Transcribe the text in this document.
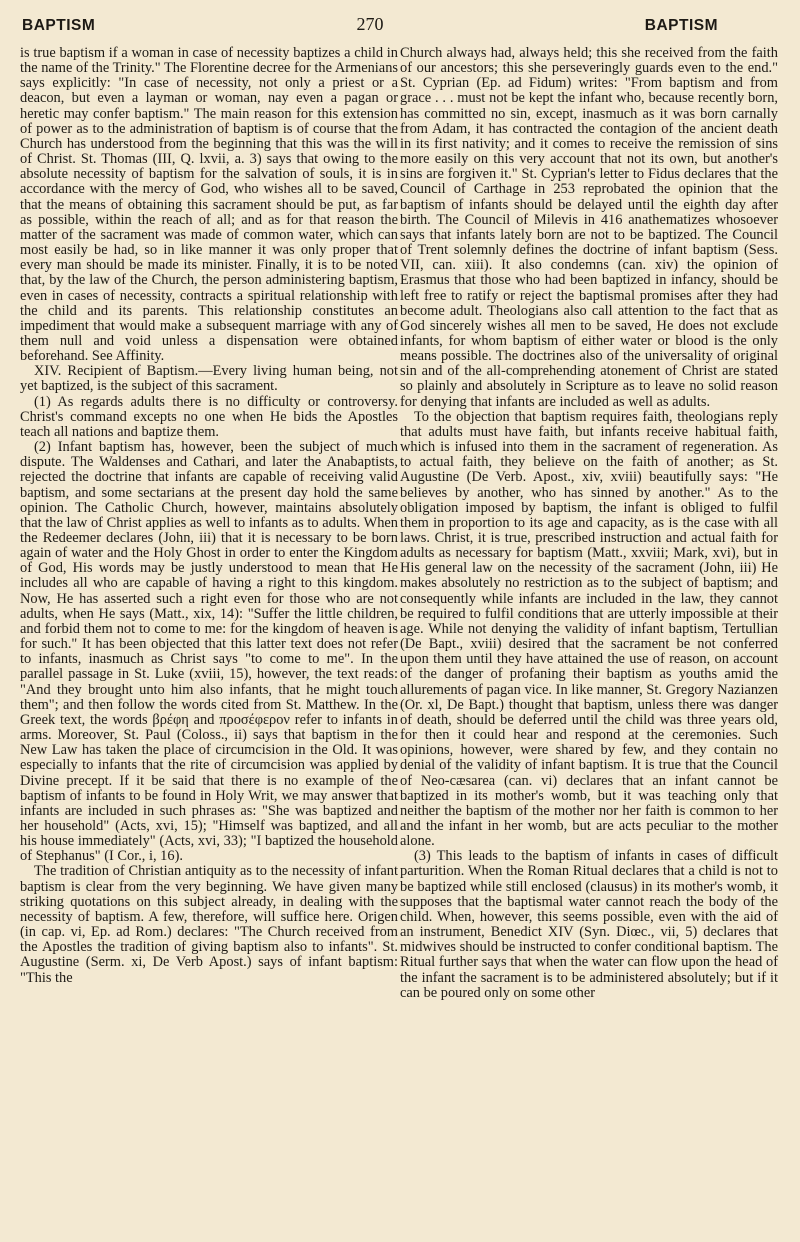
BAPTISM	270	BAPTISM

is true baptism if a woman in case of necessity baptizes a child in the name of the Trinity." The Florentine decree for the Armenians says explicitly: "In case of necessity, not only a priest or a deacon, but even a layman or woman, nay even a pagan or heretic may confer baptism." The main reason for this extension of power as to the administration of baptism is of course that the Church has understood from the beginning that this was the will of Christ. St. Thomas (III, Q. lxvii, a. 3) says that owing to the absolute necessity of baptism for the salvation of souls, it is in accordance with the mercy of God, who wishes all to be saved, that the means of obtaining this sacrament should be put, as far as possible, within the reach of all; and as for that reason the matter of the sacrament was made of common water, which can most easily be had, so in like manner it was only proper that every man should be made its minister. Finally, it is to be noted that, by the law of the Church, the person administering baptism, even in cases of necessity, contracts a spiritual relationship with the child and its parents. This relationship constitutes an impediment that would make a subsequent marriage with any of them null and void unless a dispensation were obtained beforehand. See Affinity.

XIV. Recipient of Baptism.—Every living human being, not yet baptized, is the subject of this sacrament.

(1) As regards adults there is no difficulty or controversy. Christ's command excepts no one when He bids the Apostles teach all nations and baptize them.

(2) Infant baptism has, however, been the subject of much dispute. The Waldenses and Cathari, and later the Anabaptists, rejected the doctrine that infants are capable of receiving valid baptism, and some sectarians at the present day hold the same opinion. The Catholic Church, however, maintains absolutely that the law of Christ applies as well to infants as to adults. When the Redeemer declares (John, iii) that it is necessary to be born again of water and the Holy Ghost in order to enter the Kingdom of God, His words may be justly understood to mean that He includes all who are capable of having a right to this kingdom. Now, He has asserted such a right even for those who are not adults, when He says (Matt., xix, 14): "Suffer the little children, and forbid them not to come to me: for the kingdom of heaven is for such." It has been objected that this latter text does not refer to infants, inasmuch as Christ says "to come to me". In the parallel passage in St. Luke (xviii, 15), however, the text reads: "And they brought unto him also infants, that he might touch them"; and then follow the words cited from St. Matthew. In the Greek text, the words βρέφη and προσέφερον refer to infants in arms. Moreover, St. Paul (Coloss., ii) says that baptism in the New Law has taken the place of circumcision in the Old. It was especially to infants that the rite of circumcision was applied by Divine precept. If it be said that there is no example of the baptism of infants to be found in Holy Writ, we may answer that infants are included in such phrases as: "She was baptized and her household" (Acts, xvi, 15); "Himself was baptized, and all his house immediately" (Acts, xvi, 33); "I baptized the household of Stephanus" (I Cor., i, 16).

The tradition of Christian antiquity as to the necessity of infant baptism is clear from the very beginning. We have given many striking quotations on this subject already, in dealing with the necessity of baptism. A few, therefore, will suffice here. Origen (in cap. vi, Ep. ad Rom.) declares: "The Church received from the Apostles the tradition of giving baptism also to infants". St. Augustine (Serm. xi, De Verb Apost.) says of infant baptism: "This the

Church always had, always held; this she received from the faith of our ancestors; this she perseveringly guards even to the end." St. Cyprian (Ep. ad Fidum) writes: "From baptism and from grace . . . must not be kept the infant who, because recently born, has committed no sin, except, inasmuch as it was born carnally from Adam, it has contracted the contagion of the ancient death in its first nativity; and it comes to receive the remission of sins more easily on this very account that not its own, but another's sins are forgiven it." St. Cyprian's letter to Fidus declares that the Council of Carthage in 253 reprobated the opinion that the baptism of infants should be delayed until the eighth day after birth. The Council of Milevis in 416 anathematizes whosoever says that infants lately born are not to be baptized. The Council of Trent solemnly defines the doctrine of infant baptism (Sess. VII, can. xiii). It also condemns (can. xiv) the opinion of Erasmus that those who had been baptized in infancy, should be left free to ratify or reject the baptismal promises after they had become adult. Theologians also call attention to the fact that as God sincerely wishes all men to be saved, He does not exclude infants, for whom baptism of either water or blood is the only means possible. The doctrines also of the universality of original sin and of the all-comprehending atonement of Christ are stated so plainly and absolutely in Scripture as to leave no solid reason for denying that infants are included as well as adults.

To the objection that baptism requires faith, theologians reply that adults must have faith, but infants receive habitual faith, which is infused into them in the sacrament of regeneration. As to actual faith, they believe on the faith of another; as St. Augustine (De Verb. Apost., xiv, xviii) beautifully says: "He believes by another, who has sinned by another." As to the obligation imposed by baptism, the infant is obliged to fulfil them in proportion to its age and capacity, as is the case with all laws. Christ, it is true, prescribed instruction and actual faith for adults as necessary for baptism (Matt., xxviii; Mark, xvi), but in His general law on the necessity of the sacrament (John, iii) He makes absolutely no restriction as to the subject of baptism; and consequently while infants are included in the law, they cannot be required to fulfil conditions that are utterly impossible at their age. While not denying the validity of infant baptism, Tertullian (De Bapt., xviii) desired that the sacrament be not conferred upon them until they have attained the use of reason, on account of the danger of profaning their baptism as youths amid the allurements of pagan vice. In like manner, St. Gregory Nazianzen (Or. xl, De Bapt.) thought that baptism, unless there was danger of death, should be deferred until the child was three years old, for then it could hear and respond at the ceremonies. Such opinions, however, were shared by few, and they contain no denial of the validity of infant baptism. It is true that the Council of Neo-cæsarea (can. vi) declares that an infant cannot be baptized in its mother's womb, but it was teaching only that neither the baptism of the mother nor her faith is common to her and the infant in her womb, but are acts peculiar to the mother alone.

(3) This leads to the baptism of infants in cases of difficult parturition. When the Roman Ritual declares that a child is not to be baptized while still enclosed (clausus) in its mother's womb, it supposes that the baptismal water cannot reach the body of the child. When, however, this seems possible, even with the aid of an instrument, Benedict XIV (Syn. Diœc., vii, 5) declares that midwives should be instructed to confer conditional baptism. The Ritual further says that when the water can flow upon the head of the infant the sacrament is to be administered absolutely; but if it can be poured only on some other
